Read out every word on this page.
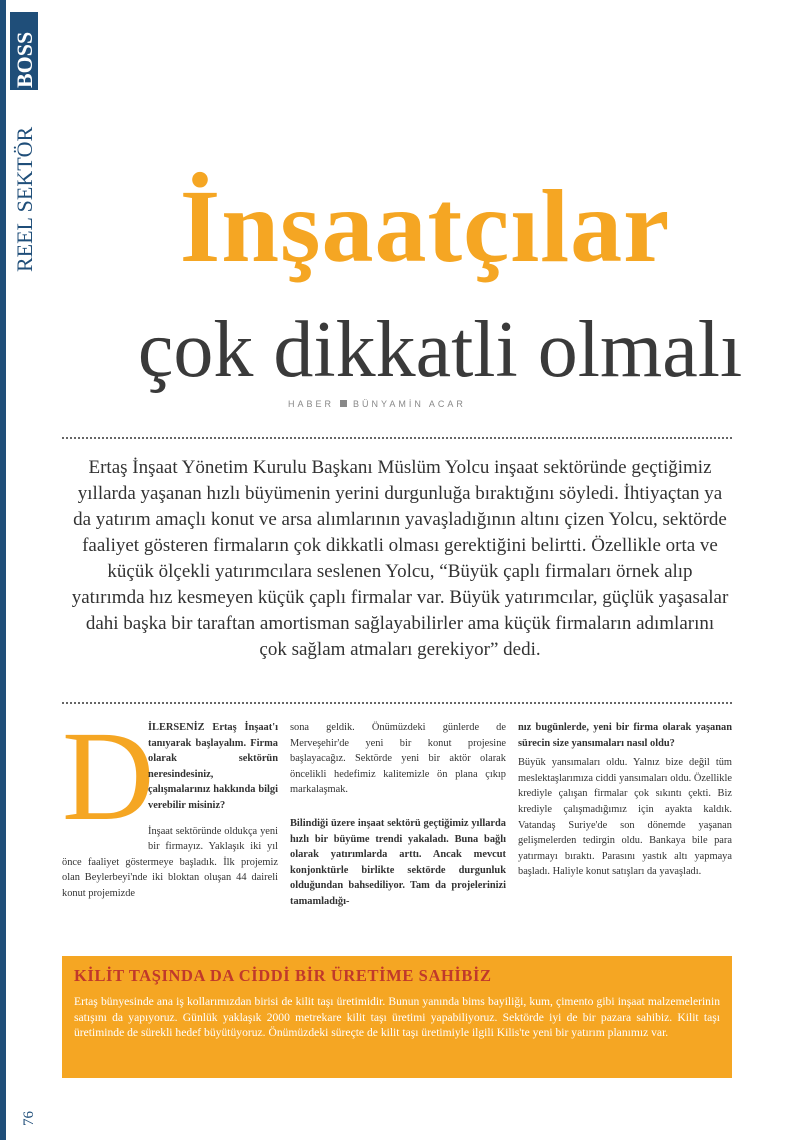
REEL SEKTÖR
BOSS
76
İnşaatçılar
çok dikkatli olmalı
HABER BÜNYAMİN ACAR
Ertaş İnşaat Yönetim Kurulu Başkanı Müslüm Yolcu inşaat sektöründe geçtiğimiz yıllarda yaşanan hızlı büyümenin yerini durgunluğa bıraktığını söyledi. İhtiyaçtan ya da yatırım amaçlı konut ve arsa alımlarının yavaşladığının altını çizen Yolcu, sektörde faaliyet gösteren firmaların çok dikkatli olması gerektiğini belirtti. Özellikle orta ve küçük ölçekli yatırımcılara seslenen Yolcu, “Büyük çaplı firmaları örnek alıp yatırımda hız kesmeyen küçük çaplı firmalar var. Büyük yatırımcılar, güçlük yaşasalar dahi başka bir taraftan amortisman sağlayabilirler ama küçük firmaların adımlarını çok sağlam atmaları gerekiyor” dedi.
D

İLERSENİZ Ertaş İnşaat'ı tanıyarak başlayalım. Firma olarak sektörün neresindesiniz, çalışmalarınız hakkında bilgi verebilir misiniz?

İnşaat sektöründe oldukça yeni bir firmayız. Yaklaşık iki yıl önce faaliyet göstermeye başladık. İlk projemiz olan Beylerbeyi'nde iki bloktan oluşan 44 daireli konut projemizde

sona geldik. Önümüzdeki günlerde de Merveşehir'de yeni bir konut projesine başlayacağız. Sektörde yeni bir aktör olarak öncelikli hedefimiz kalitemizle ön plana çıkıp markalaşmak.

Bilindiği üzere inşaat sektörü geçtiğimiz yıllarda hızlı bir büyüme trendi yakaladı. Buna bağlı olarak yatırımlarda arttı. Ancak mevcut konjonktürle birlikte sektörde durgunluk olduğundan bahsediliyor. Tam da projelerinizi tamamladığı-

nız bugünlerde, yeni bir firma olarak yaşanan sürecin size yansımaları nasıl oldu?

Büyük yansımaları oldu. Yalnız bize değil tüm meslektaşlarımıza ciddi yansımaları oldu. Özellikle krediyle çalışan firmalar çok sıkıntı çekti. Biz krediyle çalışmadığımız için ayakta kaldık. Vatandaş Suriye'de son dönemde yaşanan gelişmelerden tedirgin oldu. Bankaya bile para yatırmayı bıraktı. Parasını yastık altı yapmaya başladı. Haliyle konut satışları da yavaşladı.

KİLİT TAŞINDA DA CİDDİ BİR ÜRETİME SAHİBİZ
Ertaş bünyesinde ana iş kollarımızdan birisi de kilit taşı üretimidir. Bunun yanında bims bayiliği, kum, çimento gibi inşaat malzemelerinin satışını da yapıyoruz. Günlük yaklaşık 2000 metrekare kilit taşı üretimi yapabiliyoruz. Sektörde iyi de bir pazara sahibiz. Kilit taşı üretiminde de sürekli hedef büyütüyoruz. Önümüzdeki süreçte de kilit taşı üretimiyle ilgili Kilis'te yeni bir yatırım planımız var.
